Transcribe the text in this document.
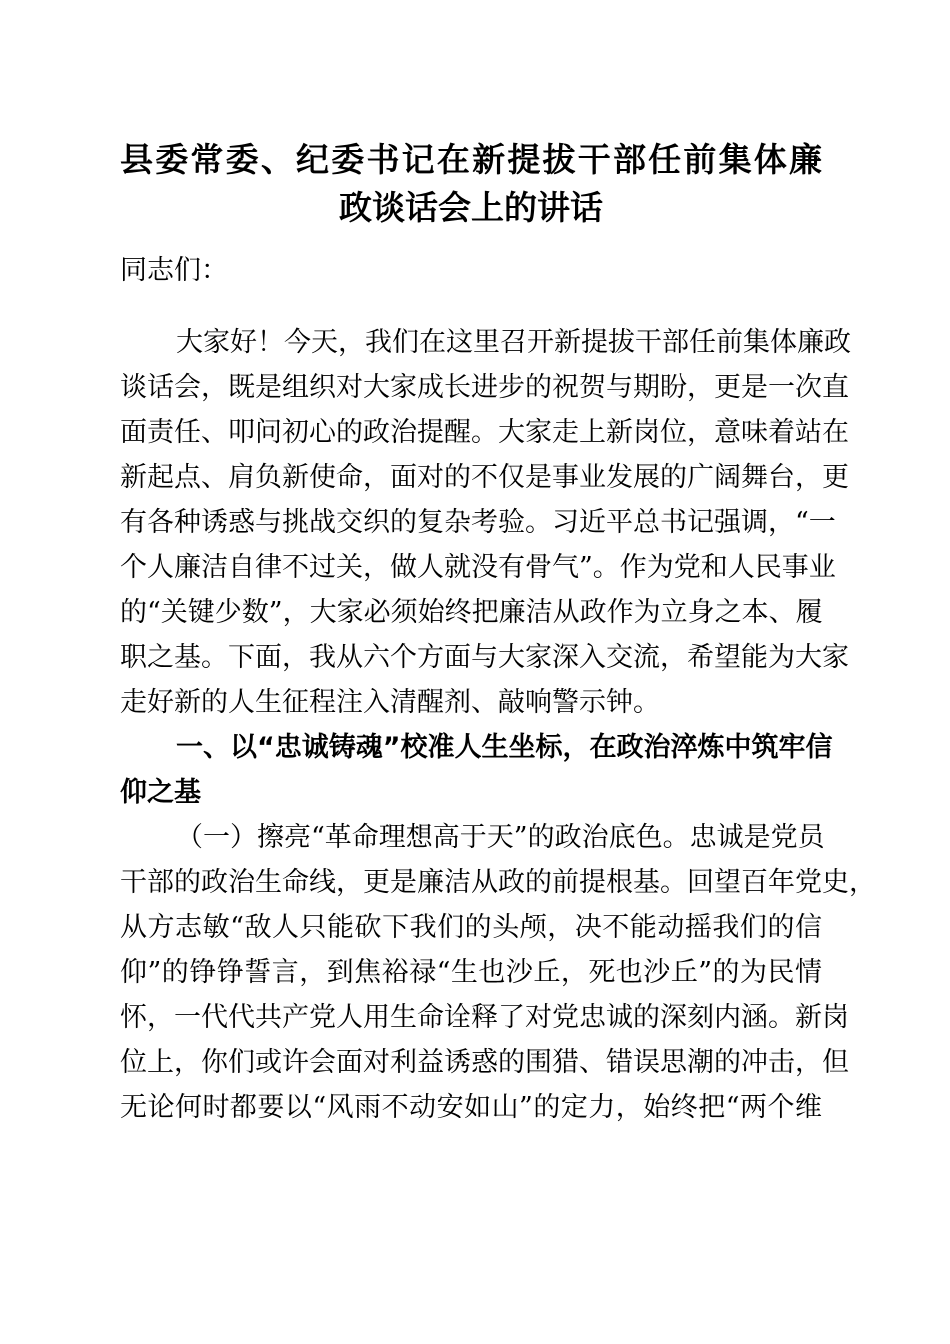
县委常委、纪委书记在新提拔干部任前集体廉
政谈话会上的讲话
同志们：
大家好！今天，我们在这里召开新提拔干部任前集体廉政
谈话会，既是组织对大家成长进步的祝贺与期盼，更是一次直
面责任、叩问初心的政治提醒。大家走上新岗位，意味着站在
新起点、肩负新使命，面对的不仅是事业发展的广阔舞台，更
有各种诱惑与挑战交织的复杂考验。习近平总书记强调，“一
个人廉洁自律不过关，做人就没有骨气”。作为党和人民事业
的“关键少数”，大家必须始终把廉洁从政作为立身之本、履
职之基。下面，我从六个方面与大家深入交流，希望能为大家
走好新的人生征程注入清醒剂、敲响警示钟。
一、以“忠诚铸魂”校准人生坐标，在政治淬炼中筑牢信
仰之基
（一）擦亮“革命理想高于天”的政治底色。忠诚是党员
干部的政治生命线，更是廉洁从政的前提根基。回望百年党史，
从方志敏“敌人只能砍下我们的头颅，决不能动摇我们的信
仰”的铮铮誓言，到焦裕禄“生也沙丘，死也沙丘”的为民情
怀，一代代共产党人用生命诠释了对党忠诚的深刻内涵。新岗
位上，你们或许会面对利益诱惑的围猎、错误思潮的冲击，但
无论何时都要以“风雨不动安如山”的定力，始终把“两个维
